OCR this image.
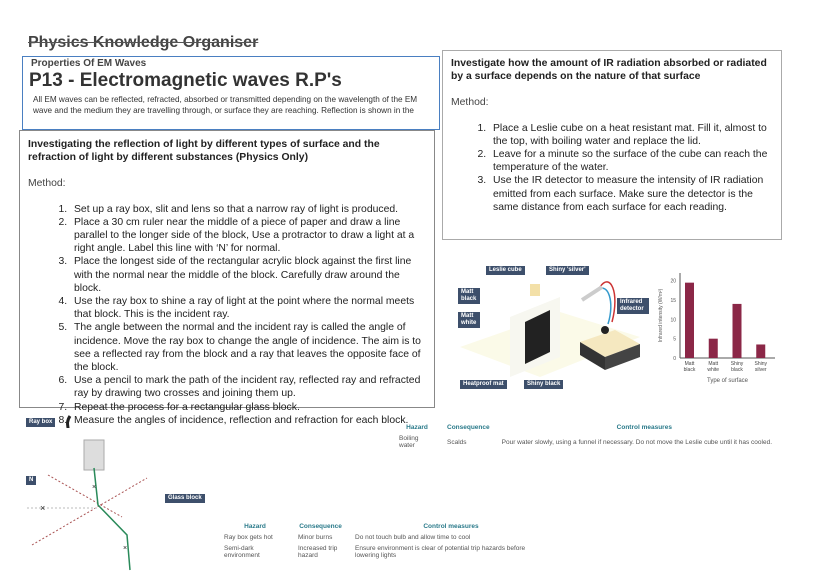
Physics Knowledge Organiser
Properties Of EM Waves
P13 - Electromagnetic waves R.P's
All EM waves can be reflected, refracted, absorbed or transmitted depending on the wavelength of the EM wave and the medium they are travelling through, or surface they are reaching. Reflection is shown in the
Investigating the reflection of light by different types of surface and the refraction of light by different substances (Physics Only)
Method:
1. Set up a ray box, slit and lens so that a narrow ray of light is produced.
2. Place a 30 cm ruler near the middle of a piece of paper and draw a line parallel to the longer side of the block, Use a protractor to draw a light at a right angle. Label this line with ‘N’ for normal.
3. Place the longest side of the rectangular acrylic block against the first line with the normal near the middle of the block. Carefully draw around the block.
4. Use the ray box to shine a ray of light at the point where the normal meets that block. This is the incident ray.
5. The angle between the normal and the incident ray is called the angle of incidence. Move the ray box to change the angle of incidence. The aim is to see a reflected ray from the block and a ray that leaves the opposite face of the block.
6. Use a pencil to mark the path of the incident ray, reflected ray and refracted ray by drawing two crosses and joining them up.
7. Repeat the process for a rectangular glass block.
8. Measure the angles of incidence, reflection and refraction for each block.
Investigate how the amount of IR radiation absorbed or radiated by a surface depends on the nature of that surface
Method:
1. Place a Leslie cube on a heat resistant mat. Fill it, almost to the top, with boiling water and replace the lid.
2. Leave for a minute so the surface of the cube can reach the temperature of the water.
3. Use the IR detector to measure the intensity of IR radiation emitted from each surface. Make sure the detector is the same distance from each surface for each reading.
Leslie cube	Shiny 'silver'
Matt black
Matt white
Infrared detector
Heatproof mat	Shiny black
0
5
10
15
20
Matt
black
Matt
white
Shiny
black
Shiny
silver
Type of surface
Infrared intensity (W/m²)
×
×
×
Ray box
N
Glass block
Hazard	Consequence	Control measures
Boiling water	Scalds	Pour water slowly, using a funnel if necessary. Do not move the Leslie cube until it has cooled.
Hazard	Consequence	Control measures
Ray box gets hot	Minor burns	Do not touch bulb and allow time to cool
Semi-dark environment	Increased trip hazard	Ensure environment is clear of potential trip hazards before lowering lights
